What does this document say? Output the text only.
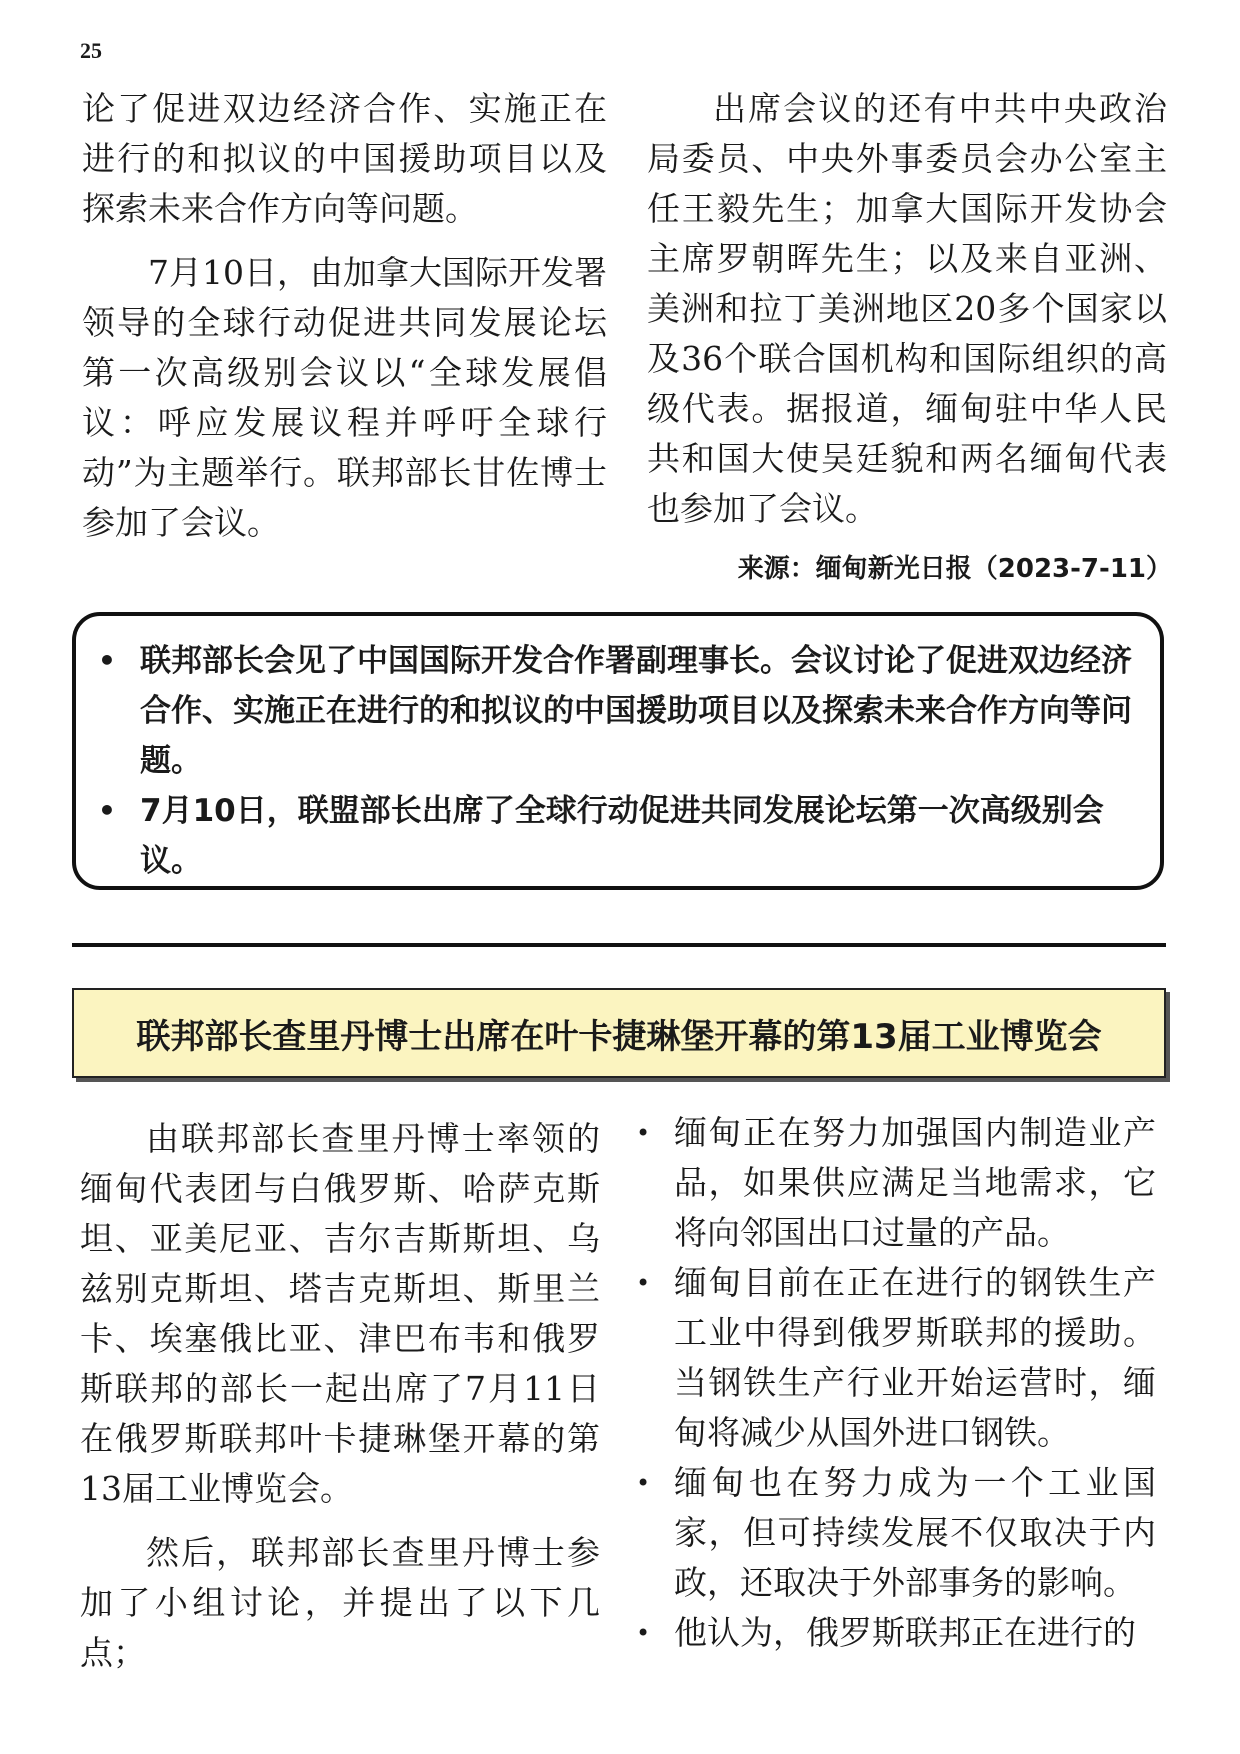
25

论了促进双边经济合作、实施正在进行的和拟议的中国援助项目以及探索未来合作方向等问题。

7月10日，由加拿大国际开发署领导的全球行动促进共同发展论坛第一次高级别会议以“全球发展倡议：呼应发展议程并呼吁全球行动”为主题举行。联邦部长甘佐博士参加了会议。

出席会议的还有中共中央政治局委员、中央外事委员会办公室主任王毅先生；加拿大国际开发协会主席罗朝晖先生；以及来自亚洲、美洲和拉丁美洲地区20多个国家以及36个联合国机构和国际组织的高级代表。据报道，缅甸驻中华人民共和国大使吴廷貌和两名缅甸代表也参加了会议。

来源：缅甸新光日报（2023-7-11）
• 联邦部长会见了中国国际开发合作署副理事长。会议讨论了促进双边经济合作、实施正在进行的和拟议的中国援助项目以及探索未来合作方向等问题。
• 7月10日，联盟部长出席了全球行动促进共同发展论坛第一次高级别会议。
联邦部长查里丹博士出席在叶卡捷琳堡开幕的第13届工业博览会

由联邦部长查里丹博士率领的缅甸代表团与白俄罗斯、哈萨克斯坦、亚美尼亚、吉尔吉斯斯坦、乌兹别克斯坦、塔吉克斯坦、斯里兰卡、埃塞俄比亚、津巴布韦和俄罗斯联邦的部长一起出席了7月11日在俄罗斯联邦叶卡捷琳堡开幕的第13届工业博览会。

然后，联邦部长查里丹博士参加了小组讨论，并提出了以下几点；

• 缅甸正在努力加强国内制造业产品，如果供应满足当地需求，它将向邻国出口过量的产品。
• 缅甸目前在正在进行的钢铁生产工业中得到俄罗斯联邦的援助。当钢铁生产行业开始运营时，缅甸将减少从国外进口钢铁。
• 缅甸也在努力成为一个工业国家，但可持续发展不仅取决于内政，还取决于外部事务的影响。
• 他认为，俄罗斯联邦正在进行的
